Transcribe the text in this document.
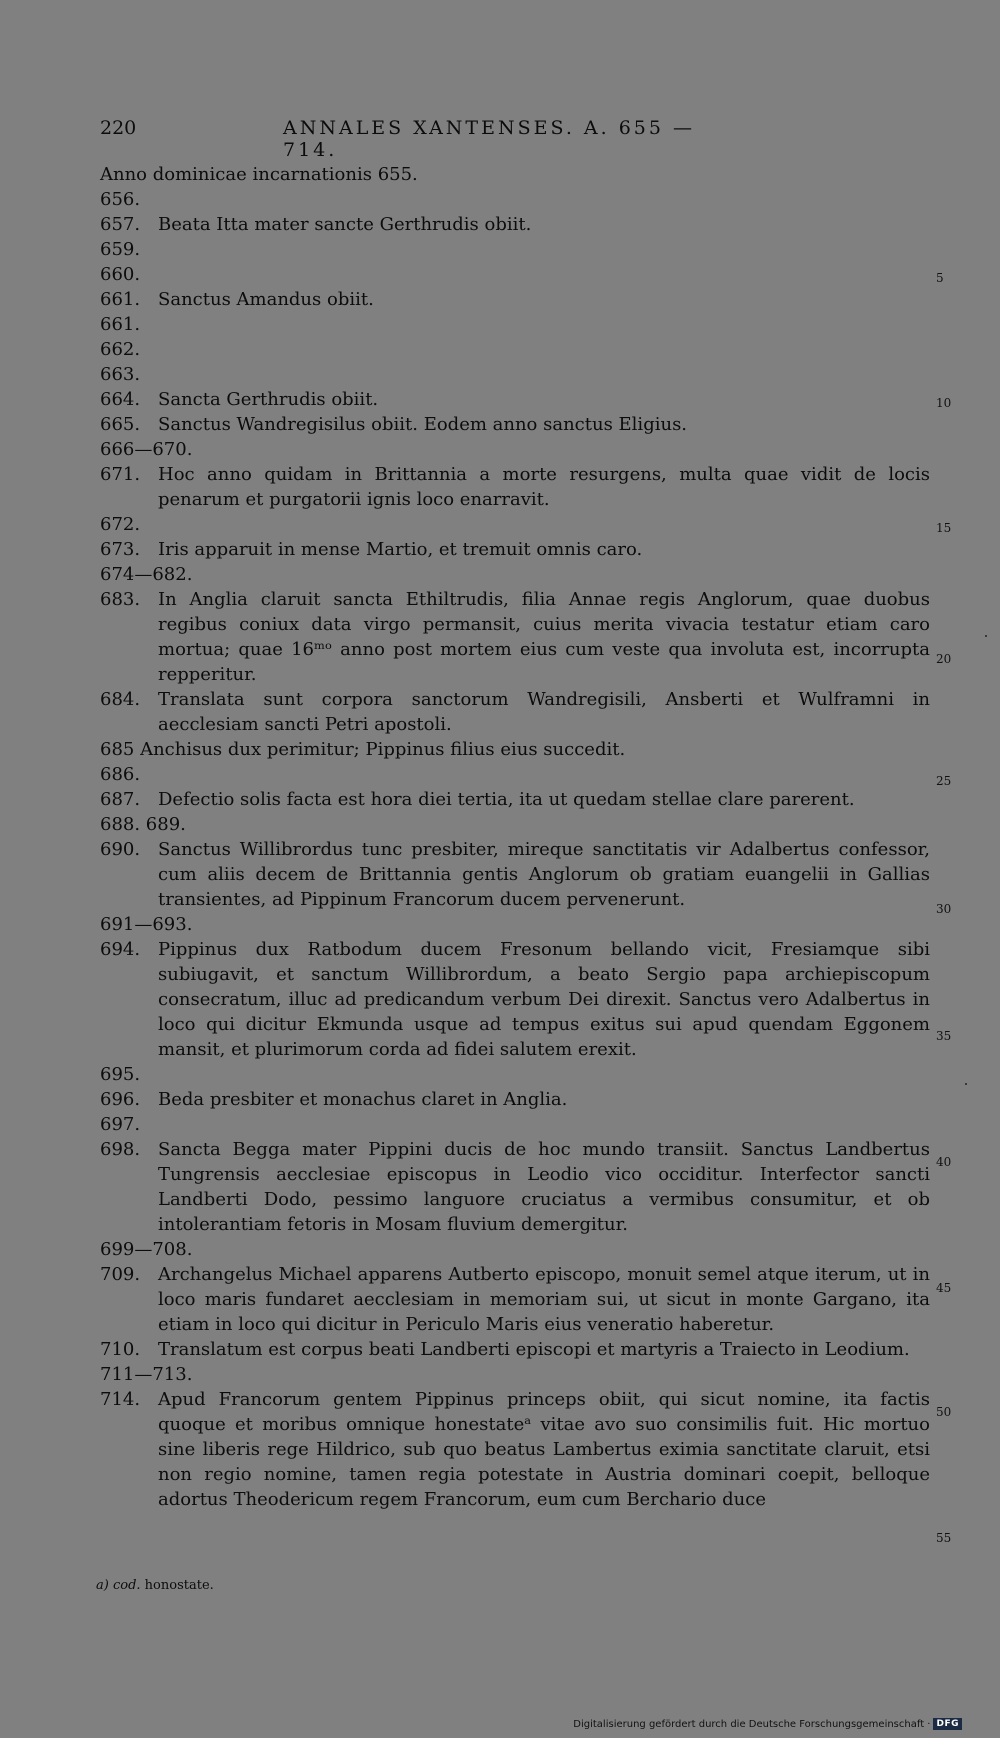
220	ANNALES XANTENSES. A. 655 — 714.
Anno dominicae incarnationis 655.
656.
657. Beata Itta mater sancte Gerthrudis obiit.
659.
660.
661. Sanctus Amandus obiit.
661.
662.
663.
664. Sancta Gerthrudis obiit.
665. Sanctus Wandregisilus obiit. Eodem anno sanctus Eligius.
666—670.
671. Hoc anno quidam in Brittannia a morte resurgens, multa quae vidit de locis penarum et purgatorii ignis loco enarravit.
672.
673. Iris apparuit in mense Martio, et tremuit omnis caro.
674—682.
683. In Anglia claruit sancta Ethiltrudis, filia Annae regis Anglorum, quae duobus regibus coniux data virgo permansit, cuius merita vivacia testatur etiam caro mortua; quae 16ᵐᵒ anno post mortem eius cum veste qua involuta est, incorrupta repperitur.
684. Translata sunt corpora sanctorum Wandregisili, Ansberti et Wulframni in aecclesiam sancti Petri apostoli.
685 Anchisus dux perimitur; Pippinus filius eius succedit.
686.
687. Defectio solis facta est hora diei tertia, ita ut quedam stellae clare parerent.
688. 689.
690. Sanctus Willibrordus tunc presbiter, mireque sanctitatis vir Adalbertus confessor, cum aliis decem de Brittannia gentis Anglorum ob gratiam euangelii in Gallias transientes, ad Pippinum Francorum ducem pervenerunt.
691—693.
694. Pippinus dux Ratbodum ducem Fresonum bellando vicit, Fresiamque sibi subiugavit, et sanctum Willibrordum, a beato Sergio papa archiepiscopum consecratum, illuc ad predicandum verbum Dei direxit. Sanctus vero Adalbertus in loco qui dicitur Ekmunda usque ad tempus exitus sui apud quendam Eggonem mansit, et plurimorum corda ad fidei salutem erexit.
695.
696. Beda presbiter et monachus claret in Anglia.
697.
698. Sancta Begga mater Pippini ducis de hoc mundo transiit. Sanctus Landbertus Tungrensis aecclesiae episcopus in Leodio vico occiditur. Interfector sancti Landberti Dodo, pessimo languore cruciatus a vermibus consumitur, et ob intolerantiam fetoris in Mosam fluvium demergitur.
699—708.
709. Archangelus Michael apparens Autberto episcopo, monuit semel atque iterum, ut in loco maris fundaret aecclesiam in memoriam sui, ut sicut in monte Gargano, ita etiam in loco qui dicitur in Periculo Maris eius veneratio haberetur.
710. Translatum est corpus beati Landberti episcopi et martyris a Traiecto in Leodium.
711—713.
714. Apud Francorum gentem Pippinus princeps obiit, qui sicut nomine, ita factis quoque et moribus omnique honestateᵃ vitae avo suo consimilis fuit. Hic mortuo sine liberis rege Hildrico, sub quo beatus Lambertus eximia sanctitate claruit, etsi non regio nomine, tamen regia potestate in Austria dominari coepit, belloque adortus Theodericum regem Francorum, eum cum Berchario duce
5
10
15
20
25
30
35
40
45
50
55
a) cod. honostate.
Digitalisierung gefördert durch die Deutsche Forschungsgemeinschaft · DFG
